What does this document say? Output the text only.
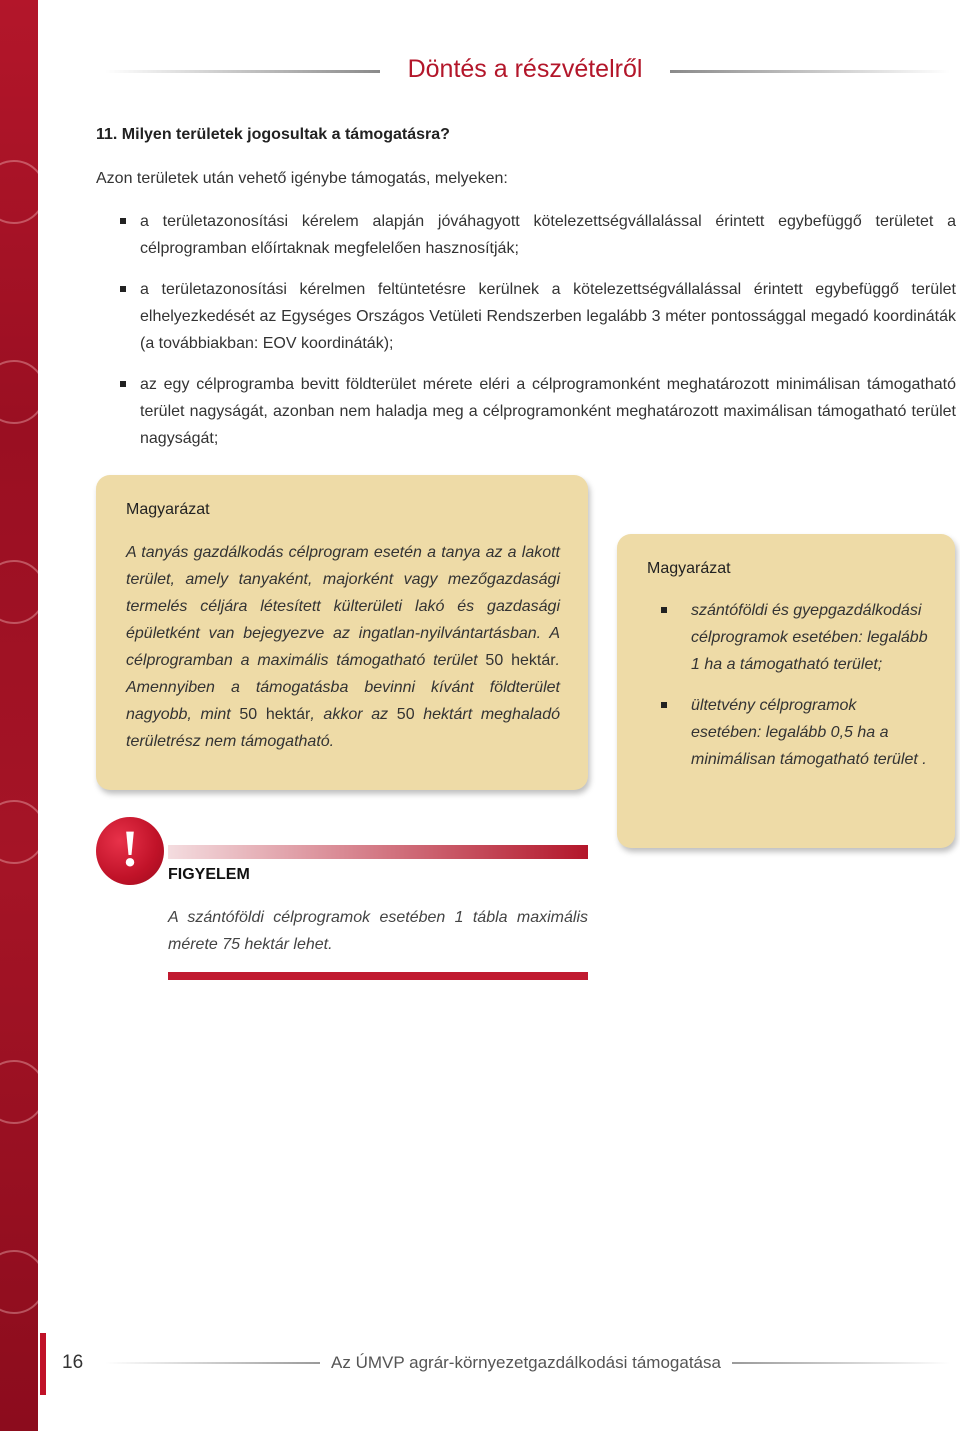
Döntés a részvételről
11. Milyen területek jogosultak a támogatásra?
Azon területek után vehető igénybe támogatás, melyeken:
a területazonosítási kérelem alapján jóváhagyott kötelezettségvállalással érintett egybefüggő területet a célprogramban előírtaknak megfelelően hasznosítják;
a területazonosítási kérelmen feltüntetésre kerülnek a kötelezettségvállalással érintett egybefüggő terület elhelyezkedését az Egységes Országos Vetületi Rendszerben legalább 3 méter pontossággal megadó koordináták (a továbbiakban: EOV koordináták);
az egy célprogramba bevitt földterület mérete eléri a célprogramonként meghatározott minimálisan támogatható terület nagyságát, azonban nem haladja meg a célprogramonként meghatározott maximálisan támogatható terület nagyságát;
Magyarázat
A tanyás gazdálkodás célprogram esetén a tanya az a lakott terület, amely tanyaként, majorként vagy mezőgazdasági termelés céljára létesített külterületi lakó és gazdasági épületként van bejegyezve az ingatlan-nyilvántartásban. A célprogramban a maximális támogatható terület 50 hektár. Amennyiben a támogatásba bevinni kívánt földterület nagyobb, mint 50 hektár, akkor az 50 hektárt meghaladó területrész nem támogatható.
Magyarázat
szántóföldi és gyepgazdálkodási célprogramok esetében: legalább 1 ha a támogatható terület;
ültetvény célprogramok esetében: legalább 0,5 ha a minimálisan támogatható terület .
!	FIGYELEM
A szántóföldi célprogramok esetében 1 tábla maximális mérete 75 hektár lehet.
16	Az ÚMVP agrár-környezetgazdálkodási támogatása
